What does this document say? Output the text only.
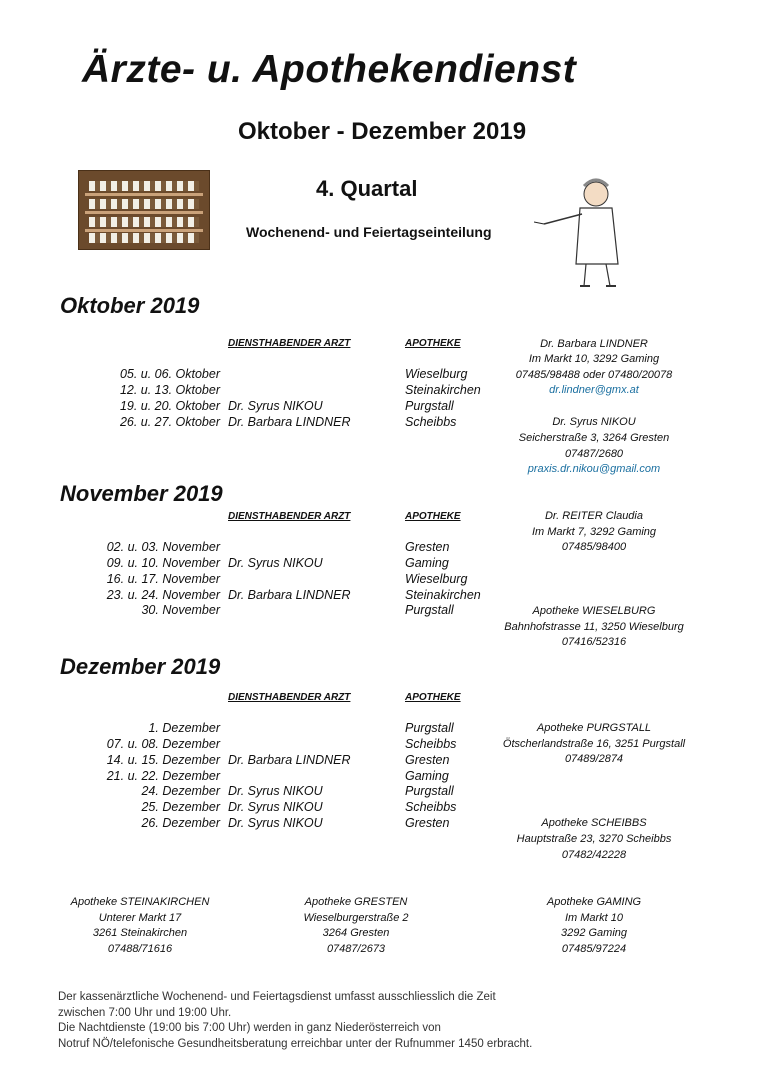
Ärzte- u. Apothekendienst
Oktober - Dezember 2019
4. Quartal
Wochenend- und Feiertagseinteilung
Oktober 2019
DIENSTHABENDER ARZT	APOTHEKE
05. u. 06. Oktober	Wieselburg
12. u. 13. Oktober	Steinakirchen
19. u. 20. Oktober Dr. Syrus NIKOU	Purgstall
26. u. 27. Oktober Dr. Barbara LINDNER	Scheibbs
Dr. Barbara LINDNER
Im Markt 10, 3292 Gaming
07485/98488 oder 07480/20078
dr.lindner@gmx.at
Dr. Syrus NIKOU
Seicherstraße 3, 3264 Gresten
07487/2680
praxis.dr.nikou@gmail.com
November 2019
DIENSTHABENDER ARZT	APOTHEKE
02. u. 03. November	Gresten
09. u. 10. November Dr. Syrus NIKOU	Gaming
16. u. 17. November	Wieselburg
23. u. 24. November Dr. Barbara LINDNER	Steinakirchen
30. November	Purgstall
Dr. REITER Claudia
Im Markt 7, 3292 Gaming
07485/98400
Apotheke WIESELBURG
Bahnhofstrasse 11, 3250 Wieselburg
07416/52316
Dezember 2019
DIENSTHABENDER ARZT	APOTHEKE
1. Dezember	Purgstall
07. u. 08. Dezember	Scheibbs
14. u. 15. Dezember Dr. Barbara LINDNER	Gresten
21. u. 22. Dezember	Gaming
24. Dezember Dr. Syrus NIKOU	Purgstall
25. Dezember Dr. Syrus NIKOU	Scheibbs
26. Dezember Dr. Syrus NIKOU	Gresten
Apotheke PURGSTALL
Ötscherlandstraße 16, 3251 Purgstall
07489/2874
Apotheke SCHEIBBS
Hauptstraße 23, 3270 Scheibbs
07482/42228
Apotheke STEINAKIRCHEN
Unterer Markt 17
3261 Steinakirchen
07488/71616
Apotheke GRESTEN
Wieselburgerstraße 2
3264 Gresten
07487/2673
Apotheke GAMING
Im Markt 10
3292 Gaming
07485/97224
Der kassenärztliche Wochenend- und Feiertagsdienst umfasst ausschliesslich die Zeit
zwischen 7:00 Uhr und 19:00 Uhr.
Die Nachtdienste (19:00 bis 7:00 Uhr) werden in ganz Niederösterreich von
Notruf NÖ/telefonische Gesundheitsberatung erreichbar unter der Rufnummer 1450 erbracht.
